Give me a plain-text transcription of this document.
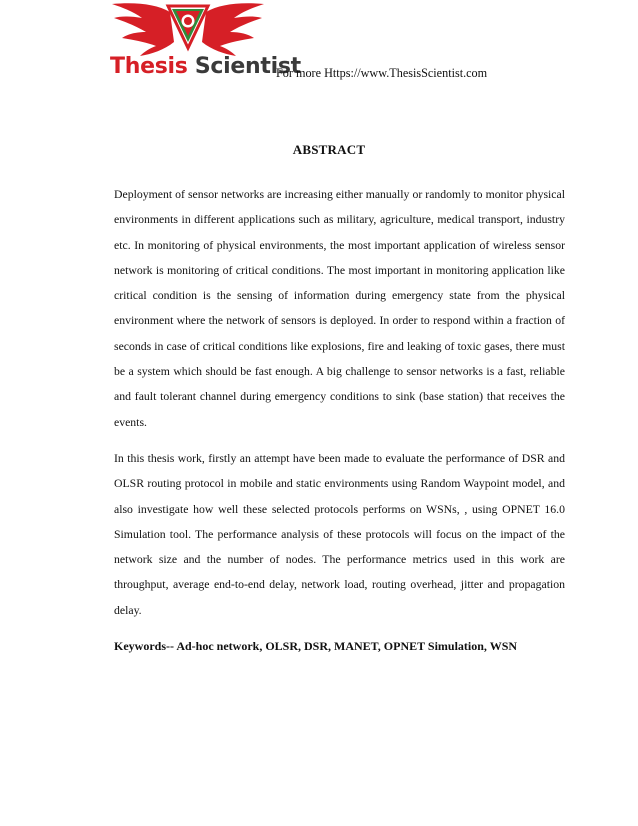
Thesis Scientist
For more Https://www.ThesisScientist.com
ABSTRACT

Deployment of sensor networks are increasing either manually or randomly to monitor physical environments in different applications such as military, agriculture, medical transport, industry etc. In monitoring of physical environments, the most important application of wireless sensor network is monitoring of critical conditions. The most important in monitoring application like critical condition is the sensing of information during emergency state from the physical environment where the network of sensors is deployed. In order to respond within a fraction of seconds in case of critical conditions like explosions, fire and leaking of toxic gases, there must be a system which should be fast enough. A big challenge to sensor networks is a fast, reliable and fault tolerant channel during emergency conditions to sink (base station) that receives the events.

In this thesis work, firstly an attempt have been made to evaluate the performance of DSR and OLSR routing protocol in mobile and static environments using Random Waypoint model, and also investigate how well these selected protocols performs on WSNs, , using OPNET 16.0 Simulation tool. The performance analysis of these protocols will focus on the impact of the network size and the number of nodes. The performance metrics used in this work are throughput, average end-to-end delay, network load, routing overhead, jitter and propagation delay.

Keywords-- Ad-hoc network, OLSR, DSR, MANET, OPNET Simulation, WSN
